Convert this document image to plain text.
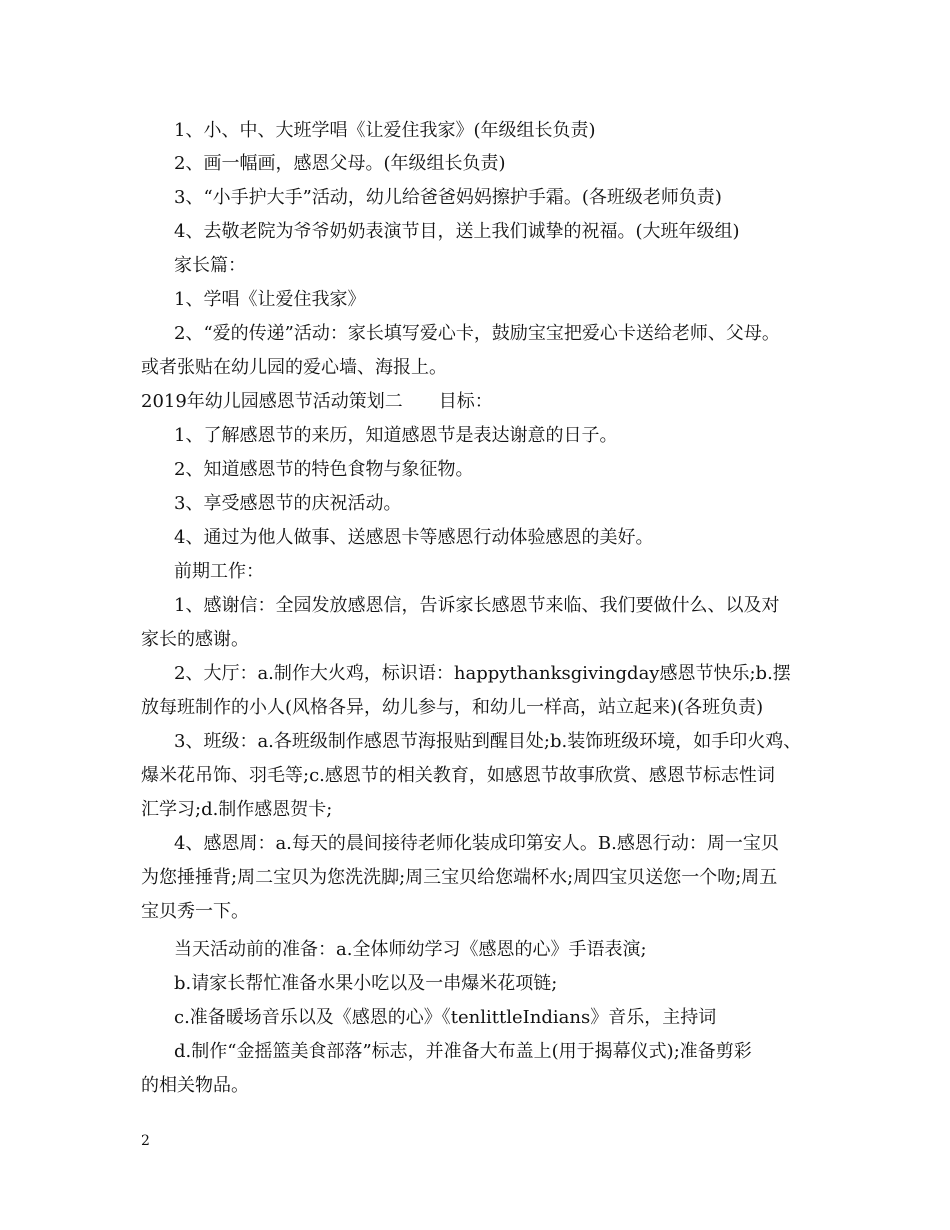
1、小、中、大班学唱《让爱住我家》(年级组长负责)

2、画一幅画，感恩父母。(年级组长负责)

3、“小手护大手”活动，幼儿给爸爸妈妈擦护手霜。(各班级老师负责)

4、去敬老院为爷爷奶奶表演节目，送上我们诚挚的祝福。(大班年级组)

家长篇：

1、学唱《让爱住我家》

2、“爱的传递”活动：家长填写爱心卡，鼓励宝宝把爱心卡送给老师、父母。

或者张贴在幼儿园的爱心墙、海报上。

2019年幼儿园感恩节活动策划二　　目标：

1、了解感恩节的来历，知道感恩节是表达谢意的日子。

2、知道感恩节的特色食物与象征物。

3、享受感恩节的庆祝活动。

4、通过为他人做事、送感恩卡等感恩行动体验感恩的美好。

前期工作：

1、感谢信：全园发放感恩信，告诉家长感恩节来临、我们要做什么、以及对

家长的感谢。

2、大厅：a.制作大火鸡，标识语：happythanksgivingday感恩节快乐;b.摆

放每班制作的小人(风格各异，幼儿参与，和幼儿一样高，站立起来)(各班负责)

3、班级：a.各班级制作感恩节海报贴到醒目处;b.装饰班级环境，如手印火鸡、

爆米花吊饰、羽毛等;c.感恩节的相关教育，如感恩节故事欣赏、感恩节标志性词

汇学习;d.制作感恩贺卡;

4、感恩周：a.每天的晨间接待老师化装成印第安人。B.感恩行动：周一宝贝

为您捶捶背;周二宝贝为您洗洗脚;周三宝贝给您端杯水;周四宝贝送您一个吻;周五

宝贝秀一下。

当天活动前的准备：a.全体师幼学习《感恩的心》手语表演;

b.请家长帮忙准备水果小吃以及一串爆米花项链;

c.准备暖场音乐以及《感恩的心》《tenlittleIndians》音乐，主持词

d.制作“金摇篮美食部落”标志，并准备大布盖上(用于揭幕仪式);准备剪彩

的相关物品。

2
